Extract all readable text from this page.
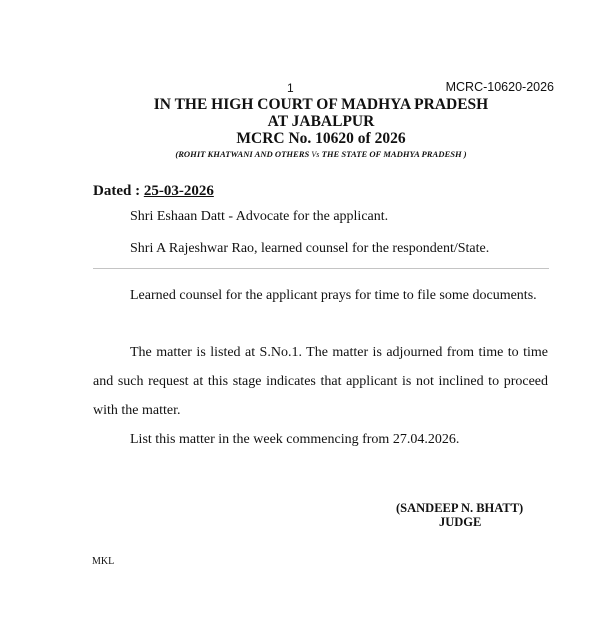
1	MCRC-10620-2026
IN THE HIGH COURT OF MADHYA PRADESH
AT JABALPUR
MCRC No. 10620 of 2026
(ROHIT KHATWANI AND OTHERS Vs THE STATE OF MADHYA PRADESH )
Dated : 25-03-2026
Shri Eshaan Datt - Advocate for the applicant.
Shri A Rajeshwar Rao, learned counsel for the respondent/State.

Learned counsel for the applicant prays for time to file some documents.

The matter is listed at S.No.1. The matter is adjourned from time to time and such request at this stage indicates that applicant is not inclined to proceed with the matter.

List this matter in the week commencing from 27.04.2026.

(SANDEEP N. BHATT)
JUDGE
MKL
